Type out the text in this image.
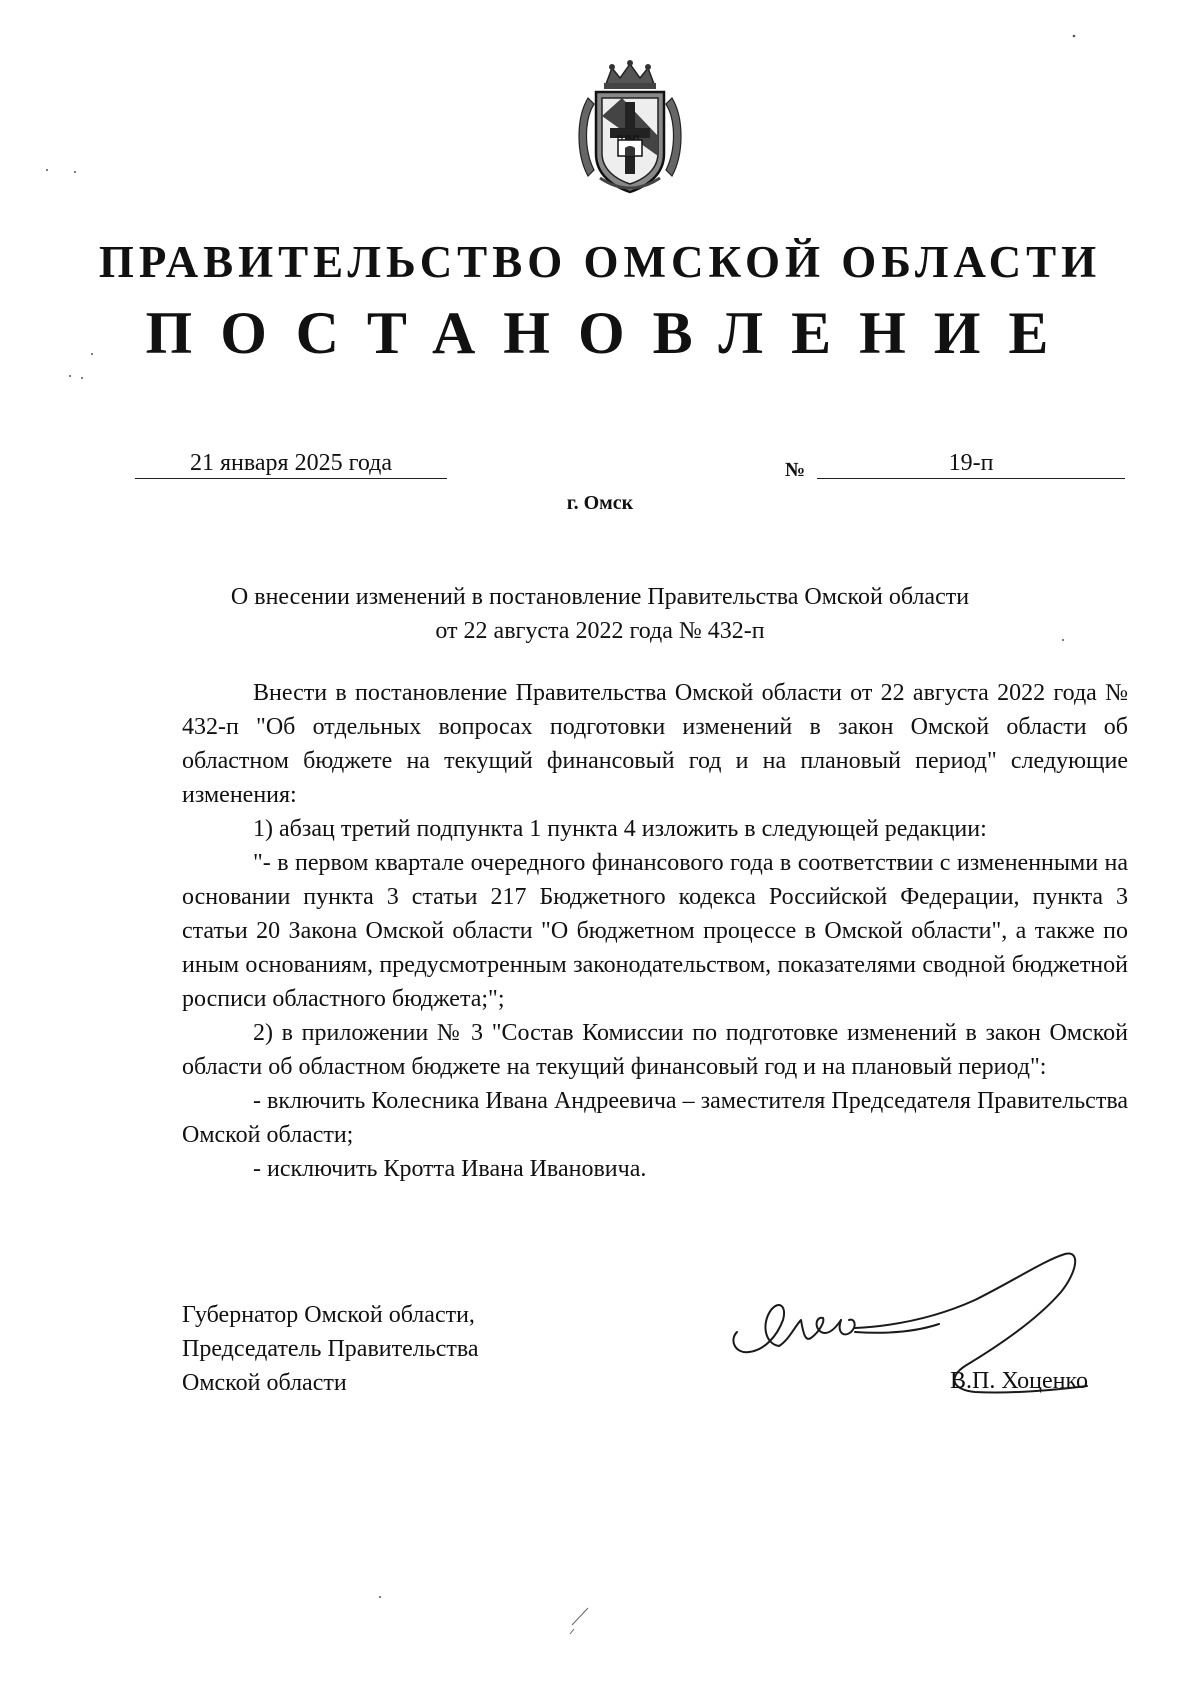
ПРАВИТЕЛЬСТВО ОМСКОЙ ОБЛАСТИ
ПОСТАНОВЛЕНИЕ
21 января 2025 года	№	19-п
г. Омск
О внесении изменений в постановление Правительства Омской области
от 22 августа 2022 года № 432-п

Внести в постановление Правительства Омской области от 22 августа 2022 года № 432-п "Об отдельных вопросах подготовки изменений в закон Омской области об областном бюджете на текущий финансовый год и на плановый период" следующие изменения:

1) абзац третий подпункта 1 пункта 4 изложить в следующей редакции:

"- в первом квартале очередного финансового года в соответствии с измененными на основании пункта 3 статьи 217 Бюджетного кодекса Российской Федерации, пункта 3 статьи 20 Закона Омской области "О бюджетном процессе в Омской области", а также по иным основаниям, предусмотренным законодательством, показателями сводной бюджетной росписи областного бюджета;";

2) в приложении № 3 "Состав Комиссии по подготовке изменений в закон Омской области об областном бюджете на текущий финансовый год и на плановый период":

- включить Колесника Ивана Андреевича – заместителя Председателя Правительства Омской области;

- исключить Кротта Ивана Ивановича.

Губернатор Омской области,
Председатель Правительства
Омской области	В.П. Хоценко
